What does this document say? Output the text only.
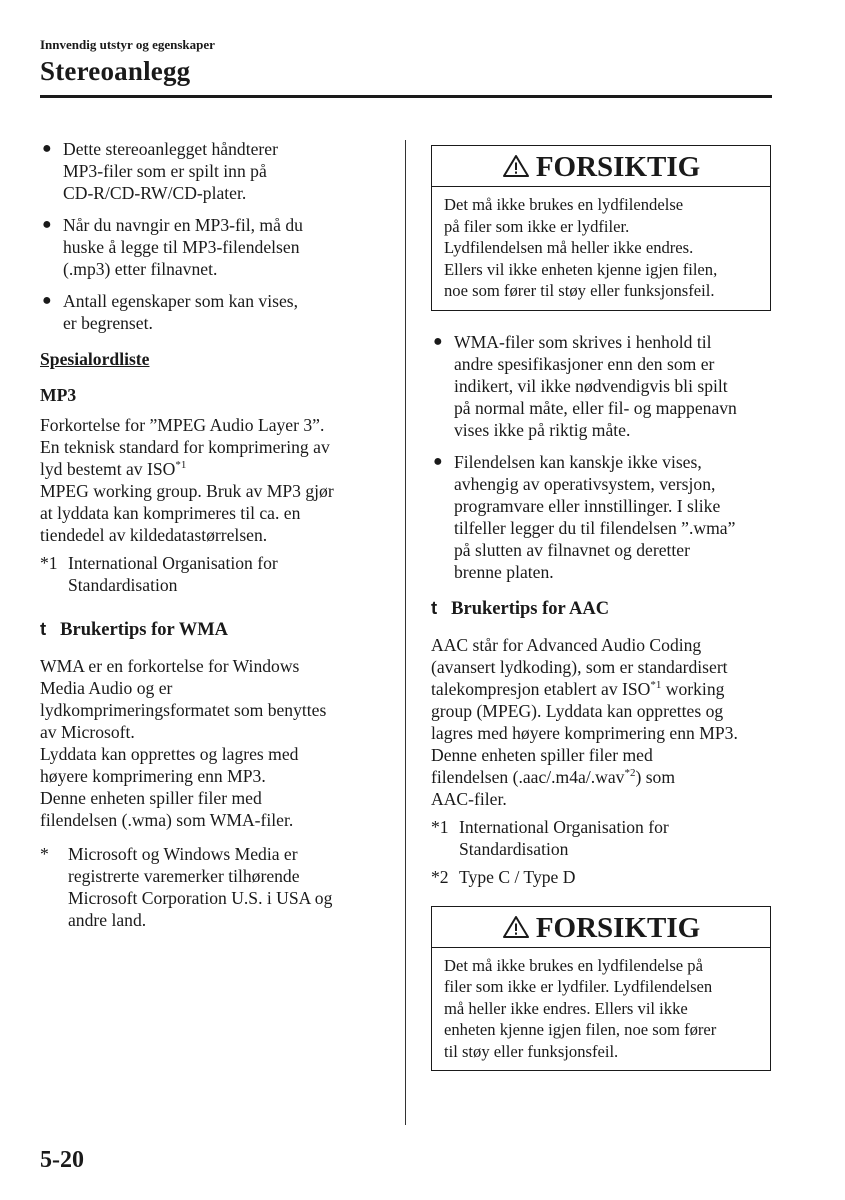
Innvendig utstyr og egenskaper
Stereoanlegg
● Dette stereoanlegget håndterer
MP3-filer som er spilt inn på
CD-R/CD-RW/CD-plater.
● Når du navngir en MP3-fil, må du
huske å legge til MP3-filendelsen
(.mp3) etter filnavnet.
● Antall egenskaper som kan vises,
er begrenset.
Spesialordliste
MP3
Forkortelse for ”MPEG Audio Layer 3”.
En teknisk standard for komprimering av
lyd bestemt av ISO$^{*1}$
MPEG working group. Bruk av MP3 gjør
at lyddata kan komprimeres til ca. en
tiendedel av kildedatastørrelsen.
*1 International Organisation for
Standardisation
t Brukertips for WMA
WMA er en forkortelse for Windows
Media Audio og er
lydkomprimeringsformatet som benyttes
av Microsoft.
Lyddata kan opprettes og lagres med
høyere komprimering enn MP3.
Denne enheten spiller filer med
filendelsen (.wma) som WMA-filer.
* Microsoft og Windows Media er
registrerte varemerker tilhørende
Microsoft Corporation U.S. i USA og
andre land.
FORSIKTIG
Det må ikke brukes en lydfilendelse
på filer som ikke er lydfiler.
Lydfilendelsen må heller ikke endres.
Ellers vil ikke enheten kjenne igjen filen,
noe som fører til støy eller funksjonsfeil.
● WMA-filer som skrives i henhold til
andre spesifikasjoner enn den som er
indikert, vil ikke nødvendigvis bli spilt
på normal måte, eller fil- og mappenavn
vises ikke på riktig måte.
● Filendelsen kan kanskje ikke vises,
avhengig av operativsystem, versjon,
programvare eller innstillinger. I slike
tilfeller legger du til filendelsen ”.wma”
på slutten av filnavnet og deretter
brenne platen.
t Brukertips for AAC
AAC står for Advanced Audio Coding
(avansert lydkoding), som er standardisert
talekompresjon etablert av ISO$^{*1}$ working
group (MPEG). Lyddata kan opprettes og
lagres med høyere komprimering enn MP3.
Denne enheten spiller filer med
filendelsen (.aac/.m4a/.wav$^{*2}$) som
AAC-filer.
*1 International Organisation for
Standardisation
*2 Type C / Type D
FORSIKTIG
Det må ikke brukes en lydfilendelse på
filer som ikke er lydfiler. Lydfilendelsen
må heller ikke endres. Ellers vil ikke
enheten kjenne igjen filen, noe som fører
til støy eller funksjonsfeil.
5-20
